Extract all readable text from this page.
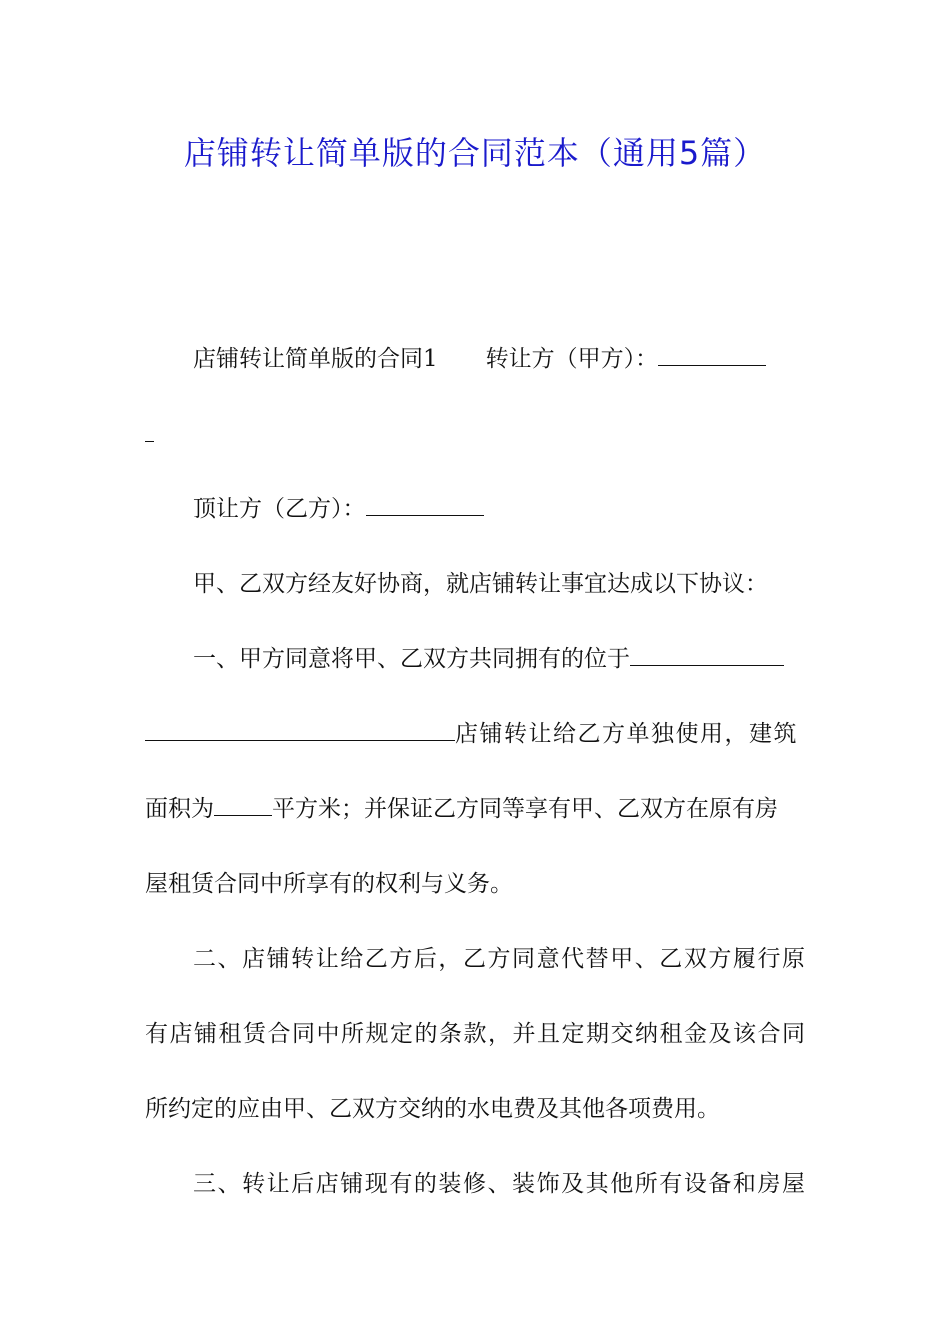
店铺转让简单版的合同范本（通用5篇）
店铺转让简单版的合同1 转让方（甲方）：
顶让方（乙方）：
甲、乙双方经友好协商，就店铺转让事宜达成以下协议：
一、甲方同意将甲、乙双方共同拥有的位于
店铺转让给乙方单独使用，建筑
面积为	平方米；并保证乙方同等享有甲、乙双方在原有房
屋租赁合同中所享有的权利与义务。
二、店铺转让给乙方后，乙方同意代替甲、乙双方履行原
有店铺租赁合同中所规定的条款，并且定期交纳租金及该合同
所约定的应由甲、乙双方交纳的水电费及其他各项费用。
三、转让后店铺现有的装修、装饰及其他所有设备和房屋
